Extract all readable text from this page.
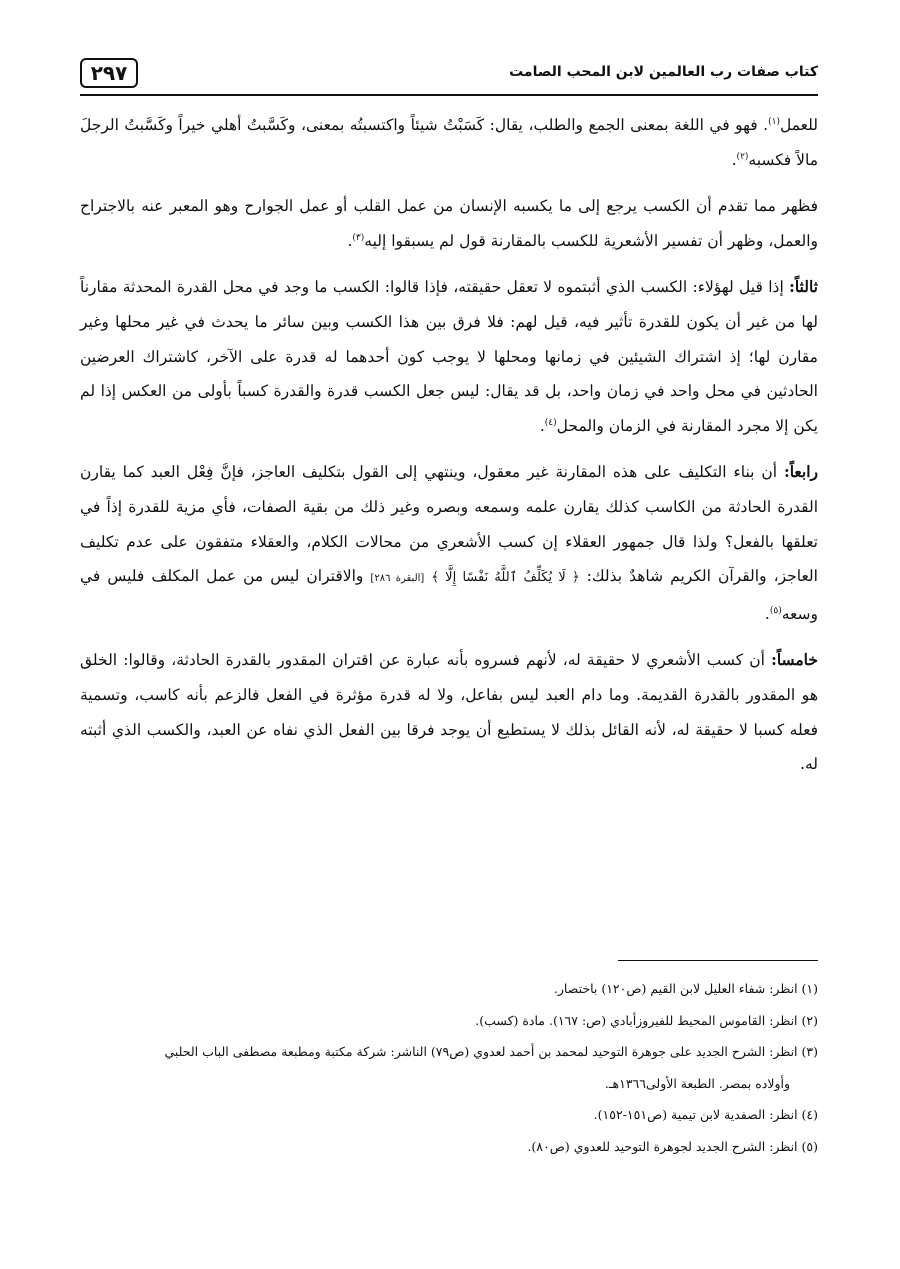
٢٩٧	كتاب صفات رب العالمين لابن المحب الصامت

للعمل$^{(١)}$. فهو في اللغة بمعنى الجمع والطلب، يقال: كَسَبْتُ شيئاً واكتسبتُه بمعنى، وكَسَّبتُ أهلي خيراً وكَسَّبتُ الرجلَ مالاً فكسبه$^{(٢)}$.

فظهر مما تقدم أن الكسب يرجع إلى ما يكسبه الإنسان من عمل القلب أو عمل الجوارح وهو المعبر عنه بالاجتراح والعمل، وظهر أن تفسير الأشعرية للكسب بالمقارنة قول لم يسبقوا إليه$^{(٣)}$.

ثالثاً: إذا قيل لهؤلاء: الكسب الذي أثبتموه لا تعقل حقيقته، فإذا قالوا: الكسب ما وجد في محل القدرة المحدثة مقارناً لها من غير أن يكون للقدرة تأثير فيه، قيل لهم: فلا فرق بين هذا الكسب وبين سائر ما يحدث في غير محلها وغير مقارن لها؛ إذ اشتراك الشيئين في زمانها ومحلها لا يوجب كون أحدهما له قدرة على الآخر، كاشتراك العرضين الحادثين في محل واحد في زمان واحد، بل قد يقال: ليس جعل الكسب قدرة والقدرة كسباً بأولى من العكس إذا لم يكن إلا مجرد المقارنة في الزمان والمحل$^{(٤)}$.

رابعاً: أن بناء التكليف على هذه المقارنة غير معقول، وينتهي إلى القول بتكليف العاجز، فإنَّ فِعْل العبد كما يقارن القدرة الحادثة من الكاسب كذلك يقارن علمه وسمعه وبصره وغير ذلك من بقية الصفات، فأي مزية للقدرة إذاً في تعلقها بالفعل؟ ولذا قال جمهور العقلاء إن كسب الأشعري من محالات الكلام، والعقلاء متفقون على عدم تكليف العاجز، والقرآن الكريم شاهدٌ بذلك: ﴿ لَا يُكَلِّفُ ٱللَّهُ نَفْسًا إِلَّا ﴾ [البقرة ٢٨٦] والاقتران ليس من عمل المكلف فليس في وسعه$^{(٥)}$.

خامساً: أن كسب الأشعري لا حقيقة له، لأنهم فسروه بأنه عبارة عن اقتران المقدور بالقدرة الحادثة، وقالوا: الخلق هو المقدور بالقدرة القديمة. وما دام العبد ليس بفاعل، ولا له قدرة مؤثرة في الفعل فالزعم بأنه كاسب، وتسمية فعله كسبا لا حقيقة له، لأنه القائل بذلك لا يستطيع أن يوجد فرقا بين الفعل الذي نفاه عن العبد، والكسب الذي أثبته له.

(١) انظر: شفاء العليل لابن القيم (ص١٢٠) باختصار.

(٢) انظر: القاموس المحيط للفيروزأبادي (ص: ١٦٧). مادة (كسب).

(٣) انظر: الشرح الجديد على جوهرة التوحيد لمحمد بن أحمد لعدوي (ص٧٩) الناشر: شركة مكتبة ومطبعة مصطفى الباب الحلبي

وأولاده بمصر. الطبعة الأولى١٣٦٦هـ.

(٤) انظر: الصفدية لابن تيمية (ص١٥١-١٥٢).

(٥) انظر: الشرح الجديد لجوهرة التوحيد للعدوي (ص٨٠).
